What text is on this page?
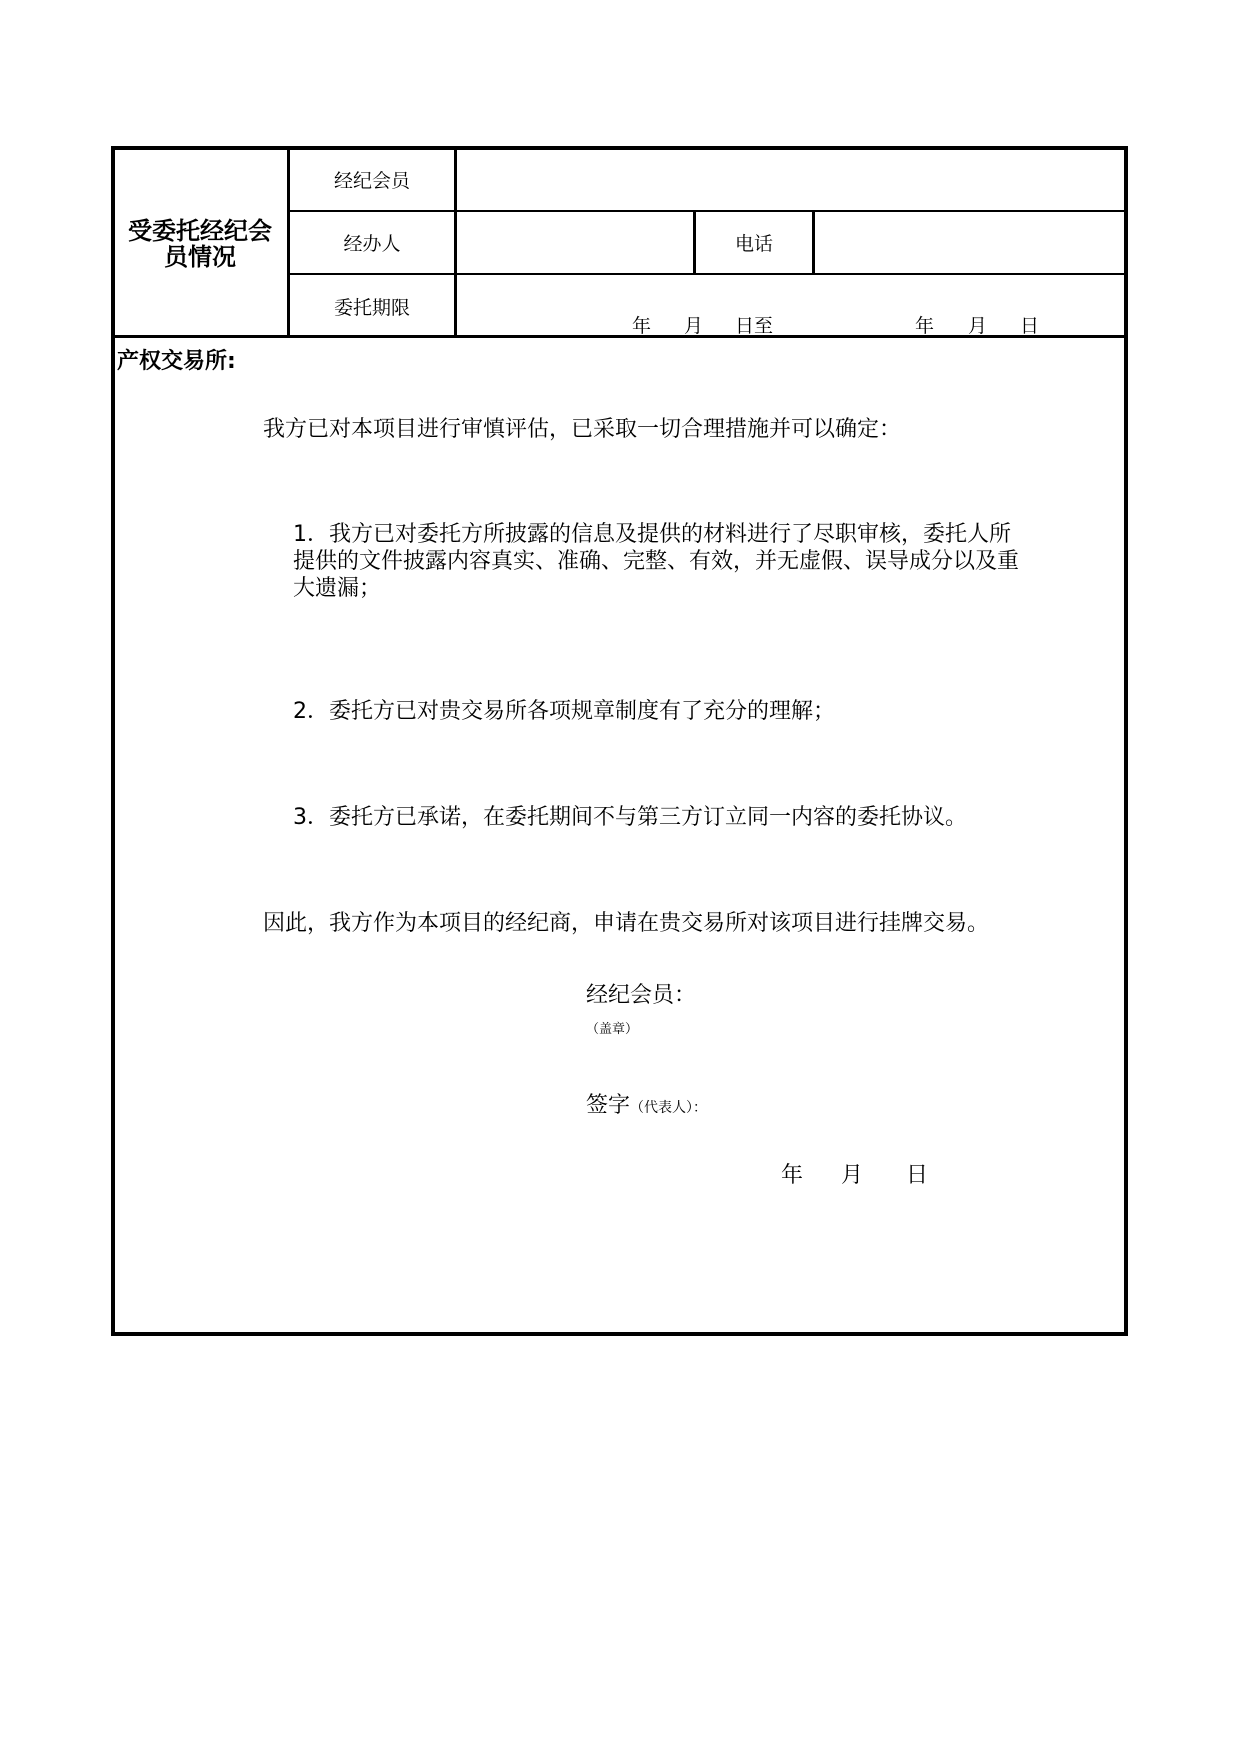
受委托经纪会
员情况
经纪会员
经办人	电话
委托期限
年 月 日至	年 月 日
产权交易所:
我方已对本项目进行审慎评估，已采取一切合理措施并可以确定：
1．我方已对委托方所披露的信息及提供的材料进行了尽职审核，委托人所
提供的文件披露内容真实、准确、完整、有效，并无虚假、误导成分以及重
大遗漏；
2．委托方已对贵交易所各项规章制度有了充分的理解；
3．委托方已承诺，在委托期间不与第三方订立同一内容的委托协议。
因此，我方作为本项目的经纪商，申请在贵交易所对该项目进行挂牌交易。
经纪会员：
（盖章）
签字（代表人）：
年 月 日
